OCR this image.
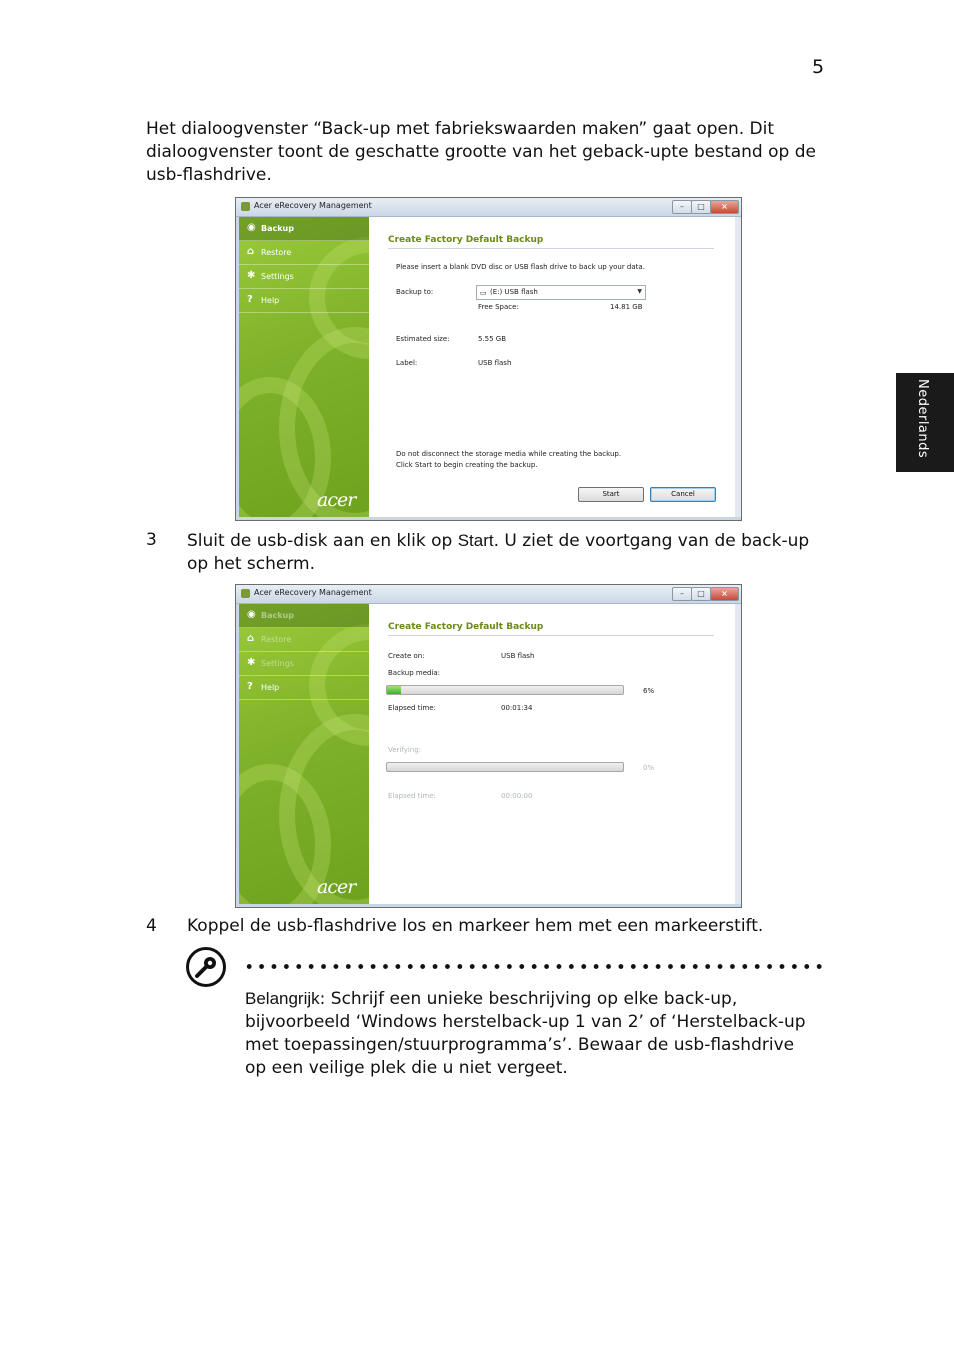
5
Nederlands
Het dialoogvenster “Back-up met fabriekswaarden maken” gaat open. Dit
dialoogvenster toont de geschatte grootte van het geback-upte bestand op de
usb-flashdrive.
Acer eRecovery Management	–	□	×
◉ Backup
⌂ Restore
✱ Settings
? Help
acer
Create Factory Default Backup
Please insert a blank DVD disc or USB flash drive to back up your data.
Backup to:	▭ (E:) USB flash	▼
Free Space:	14.81 GB
Estimated size:	5.55 GB
Label:	USB flash
Do not disconnect the storage media while creating the backup.
Click Start to begin creating the backup.
Start	Cancel
3 Sluit de usb-disk aan en klik op Start. U ziet de voortgang van de back-up
op het scherm.
Acer eRecovery Management	–	□	×
◉ Backup
⌂ Restore
✱ Settings
? Help
acer
Create Factory Default Backup
Create on:	USB flash
Backup media:
6%
Elapsed time:	00:01:34
Verifying:
0%
Elapsed time:	00:00:00
4 Koppel de usb-flashdrive los en markeer hem met een markeerstift.
Belangrijk: Schrijf een unieke beschrijving op elke back-up,
bijvoorbeeld ‘Windows herstelback-up 1 van 2’ of ‘Herstelback-up
met toepassingen/stuurprogramma’s’. Bewaar de usb-flashdrive
op een veilige plek die u niet vergeet.
